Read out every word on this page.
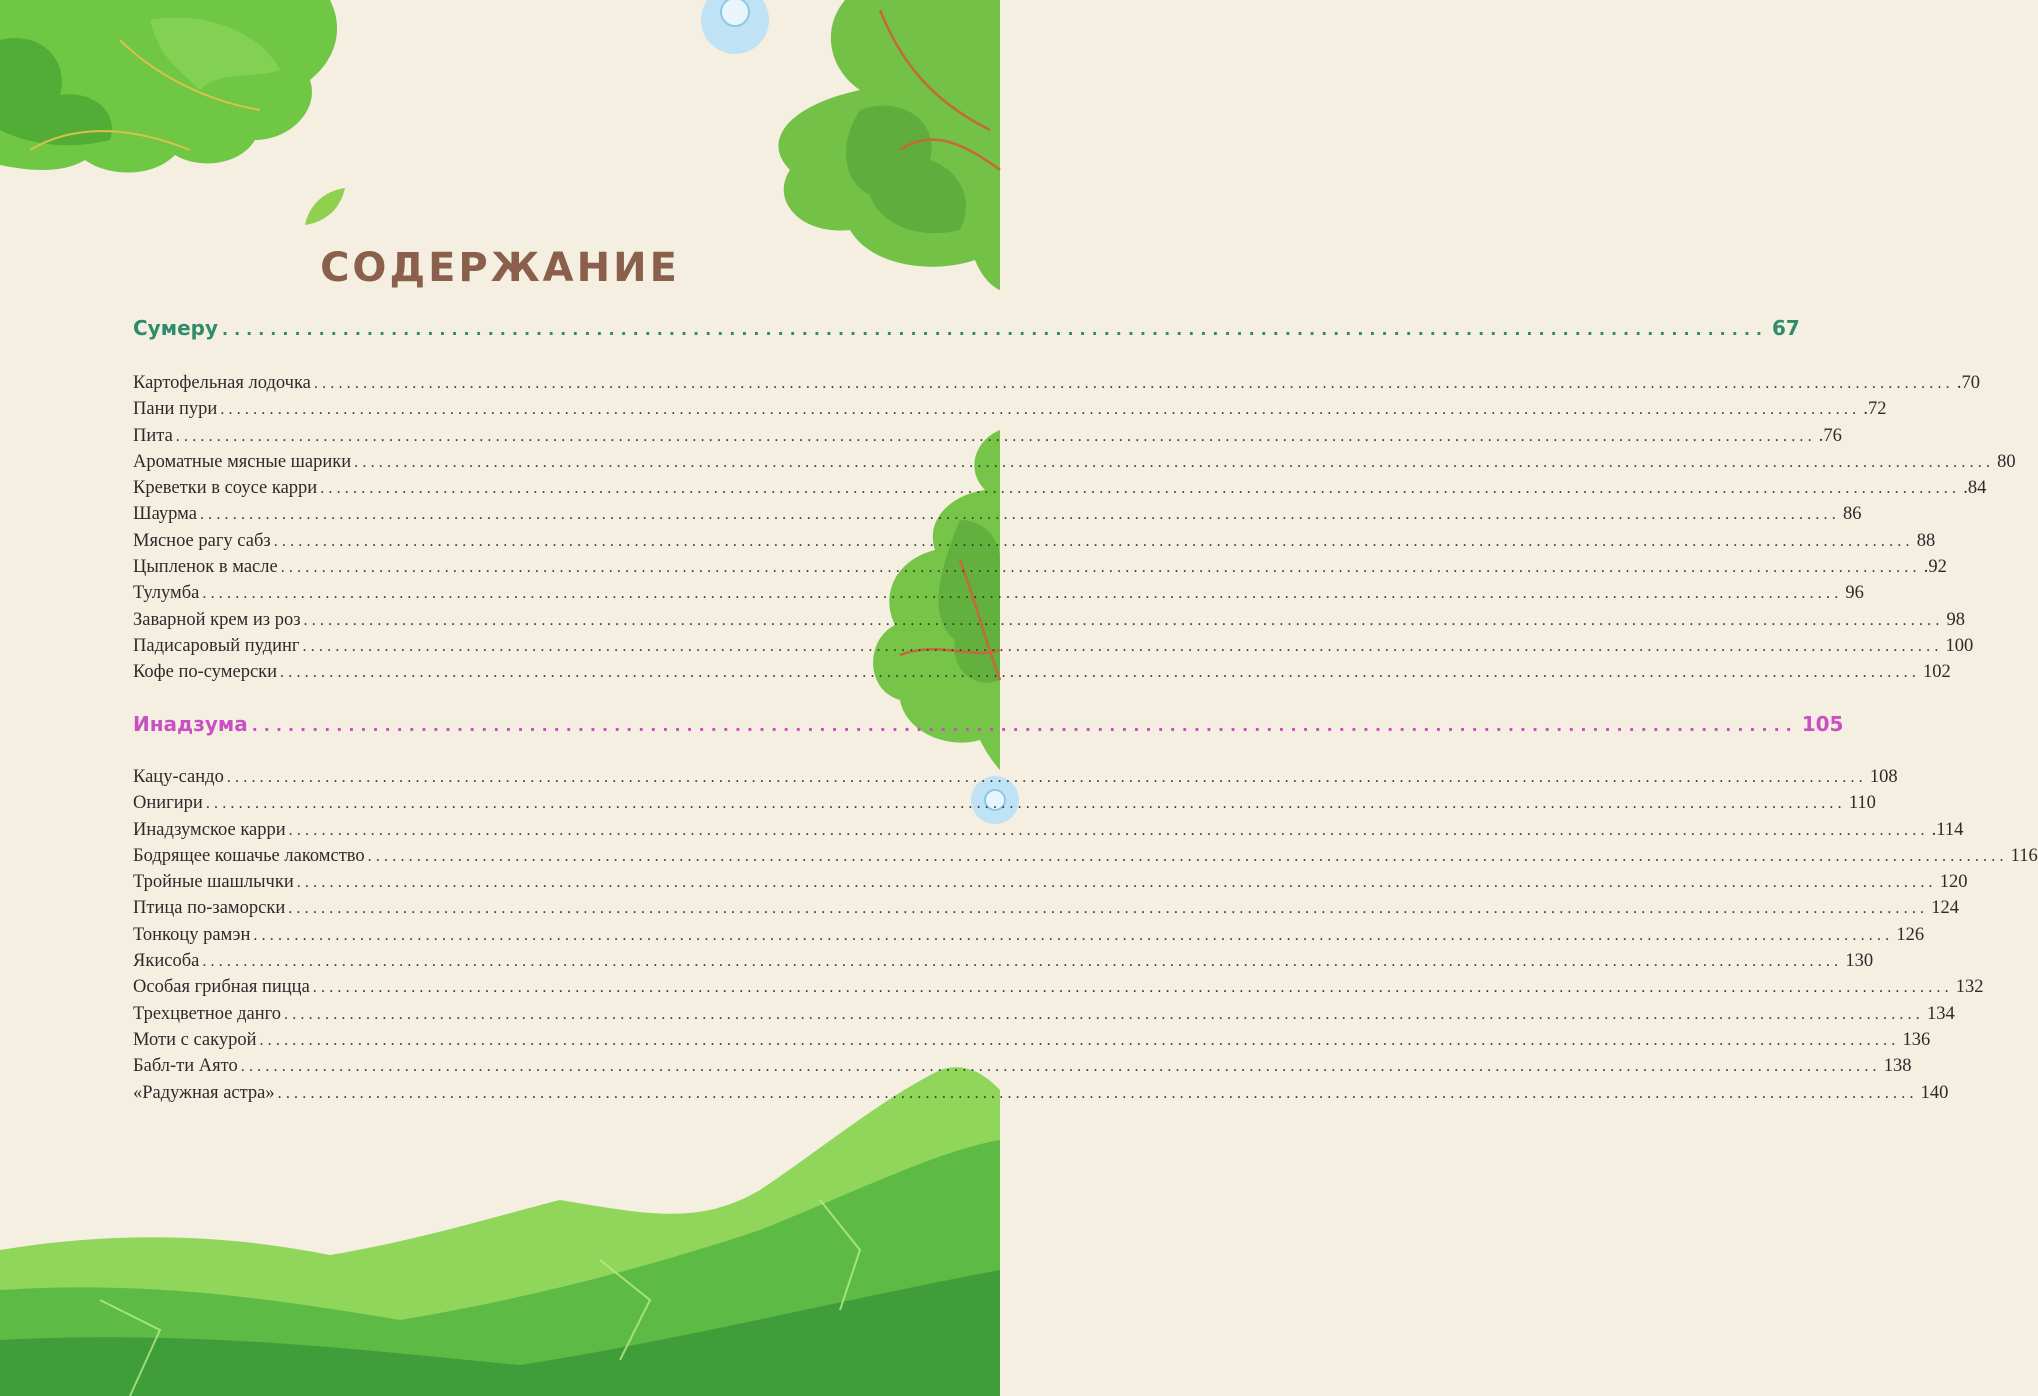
СОДЕРЖАНИЕ
Сумеру ................................................................................................................................ 67
Картофельная лодочка ........................................................................................................................................................................................................ .70
Пани пури ........................................................................................................................................................................................................ .72
Пита ........................................................................................................................................................................................................ .76
Ароматные мясные шарики ........................................................................................................................................................................................................ 80
Креветки в соусе карри ........................................................................................................................................................................................................ .84
Шаурма ........................................................................................................................................................................................................ 86
Мясное рагу сабз ........................................................................................................................................................................................................ 88
Цыпленок в масле ........................................................................................................................................................................................................ .92
Тулумба ........................................................................................................................................................................................................ 96
Заварной крем из роз ........................................................................................................................................................................................................ 98
Падисаровый пудинг ........................................................................................................................................................................................................ 100
Кофе по-сумерски ........................................................................................................................................................................................................ 102
Инадзума ................................................................................................................................ 105
Кацу-сандо ........................................................................................................................................................................................................ 108
Онигири ........................................................................................................................................................................................................ 110
Инадзумское карри ........................................................................................................................................................................................................ .114
Бодрящее кошачье лакомство ........................................................................................................................................................................................................ 116
Тройные шашлычки ........................................................................................................................................................................................................ 120
Птица по-заморски ........................................................................................................................................................................................................ 124
Тонкоцу рамэн ........................................................................................................................................................................................................ 126
Якисоба ........................................................................................................................................................................................................ 130
Особая грибная пицца ........................................................................................................................................................................................................ 132
Трехцветное данго ........................................................................................................................................................................................................ 134
Моти с сакурой ........................................................................................................................................................................................................ 136
Бабл-ти Аято ........................................................................................................................................................................................................ 138
«Радужная астра» ........................................................................................................................................................................................................ 140
